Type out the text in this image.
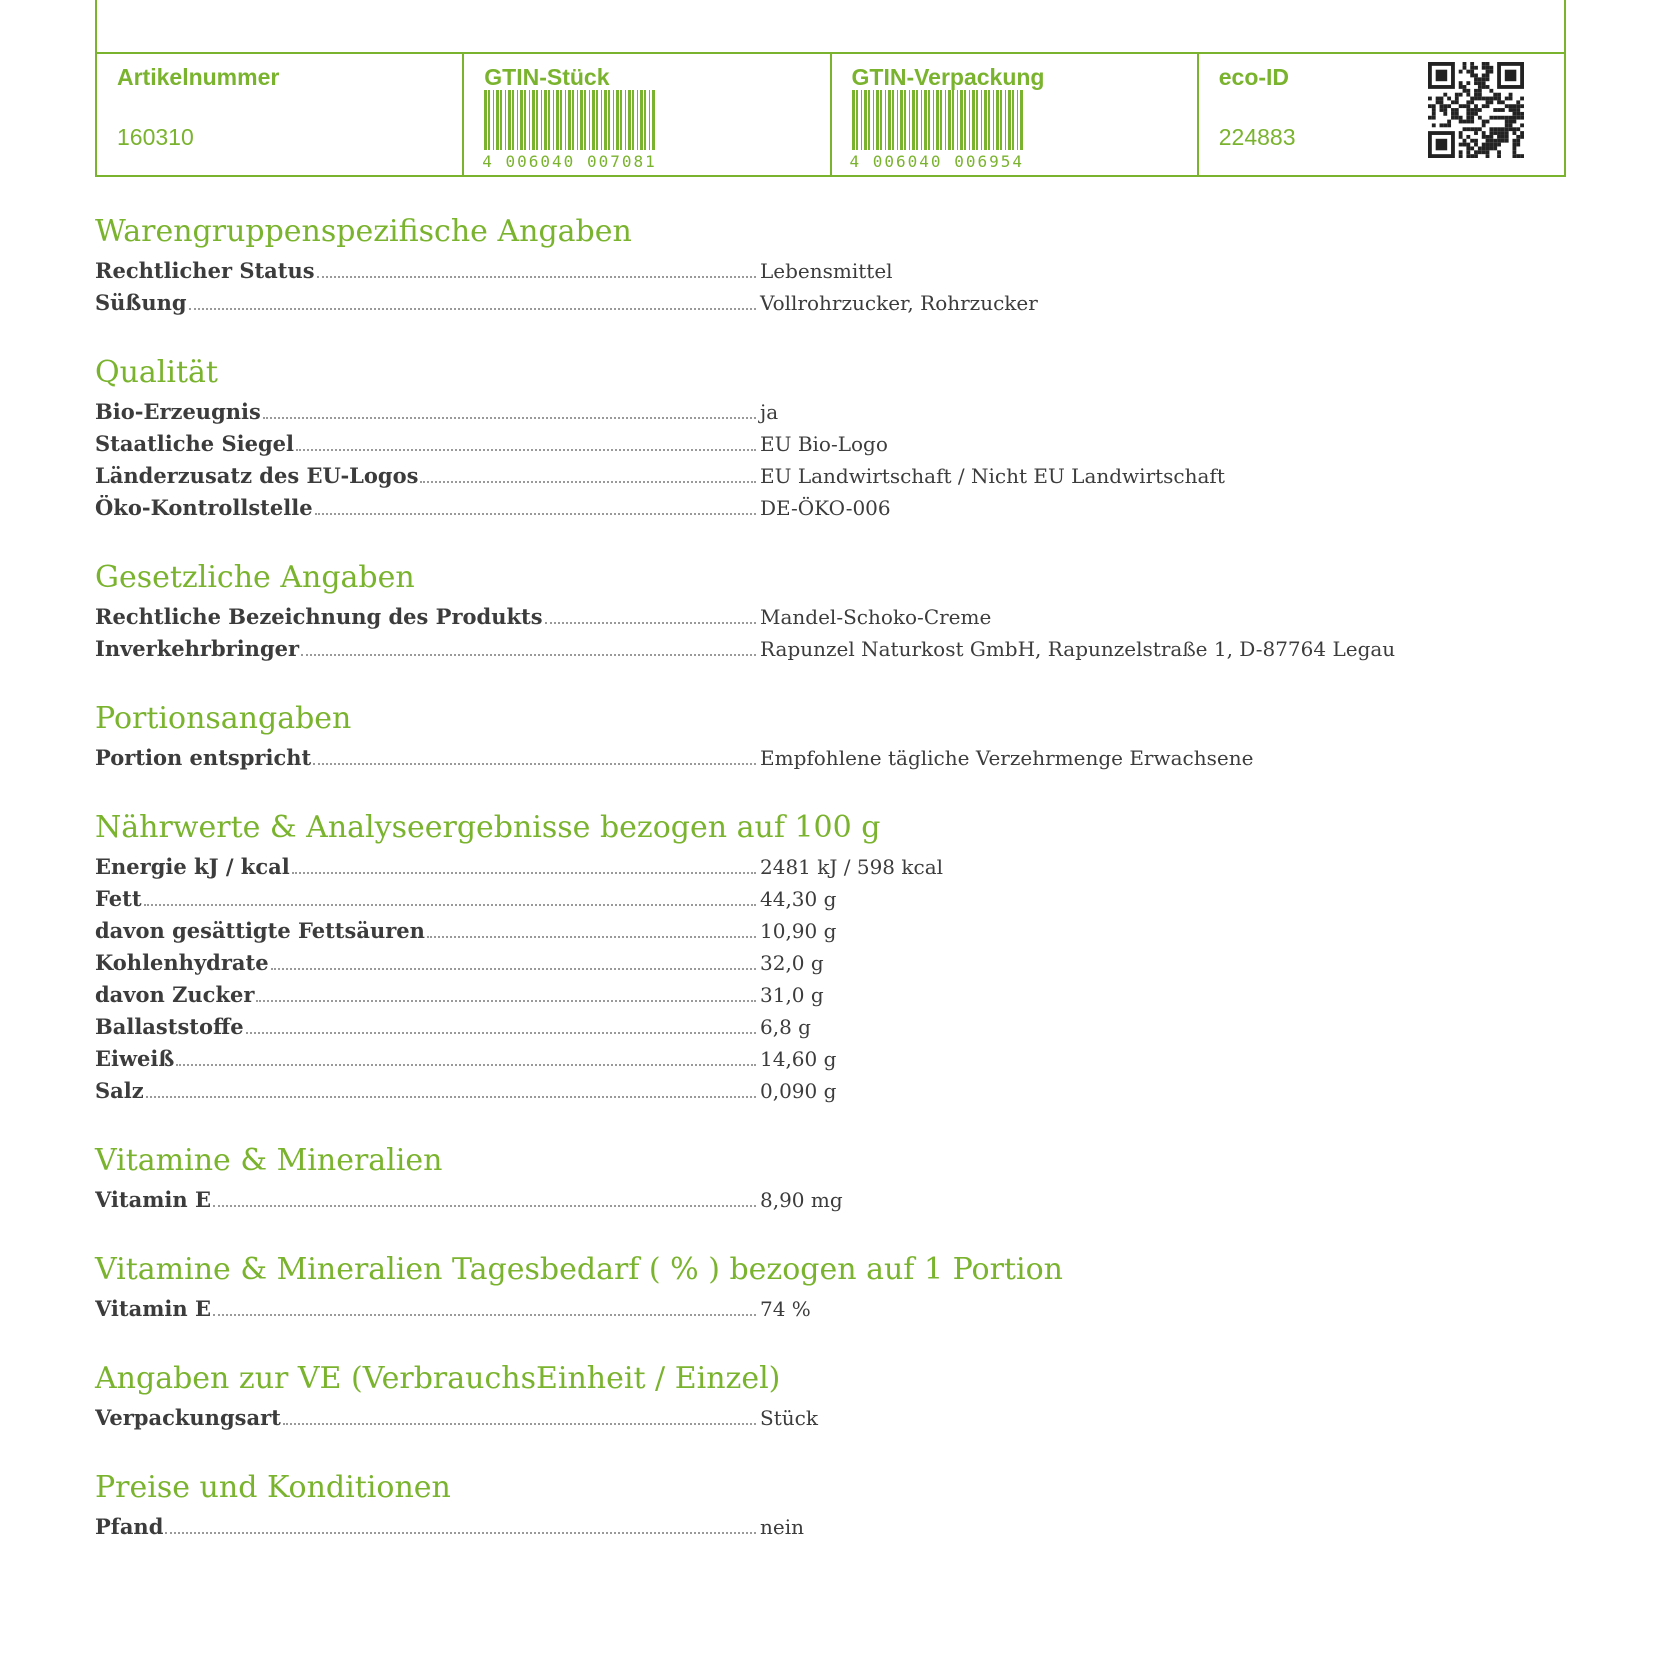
Artikelnummer
160310
GTIN-Stück
4 006040 007081
GTIN-Verpackung
4 006040 006954
eco-ID
224883
Warengruppenspezifische Angaben
Rechtlicher Status	Lebensmittel
Süßung	Vollrohrzucker, Rohrzucker
Qualität
Bio-Erzeugnis	ja
Staatliche Siegel	EU Bio-Logo
Länderzusatz des EU-Logos	EU Landwirtschaft / Nicht EU Landwirtschaft
Öko-Kontrollstelle	DE-ÖKO-006
Gesetzliche Angaben
Rechtliche Bezeichnung des Produkts	Mandel-Schoko-Creme
Inverkehrbringer	Rapunzel Naturkost GmbH, Rapunzelstraße 1, D-87764 Legau
Portionsangaben
Portion entspricht	Empfohlene tägliche Verzehrmenge Erwachsene
Nährwerte & Analyseergebnisse bezogen auf 100 g
Energie kJ / kcal	2481 kJ / 598 kcal
Fett	44,30 g
davon gesättigte Fettsäuren	10,90 g
Kohlenhydrate	32,0 g
davon Zucker	31,0 g
Ballaststoffe	6,8 g
Eiweiß	14,60 g
Salz	0,090 g
Vitamine & Mineralien
Vitamin E	8,90 mg
Vitamine & Mineralien Tagesbedarf ( % ) bezogen auf 1 Portion
Vitamin E	74 %
Angaben zur VE (VerbrauchsEinheit / Einzel)
Verpackungsart	Stück
Preise und Konditionen
Pfand	nein
